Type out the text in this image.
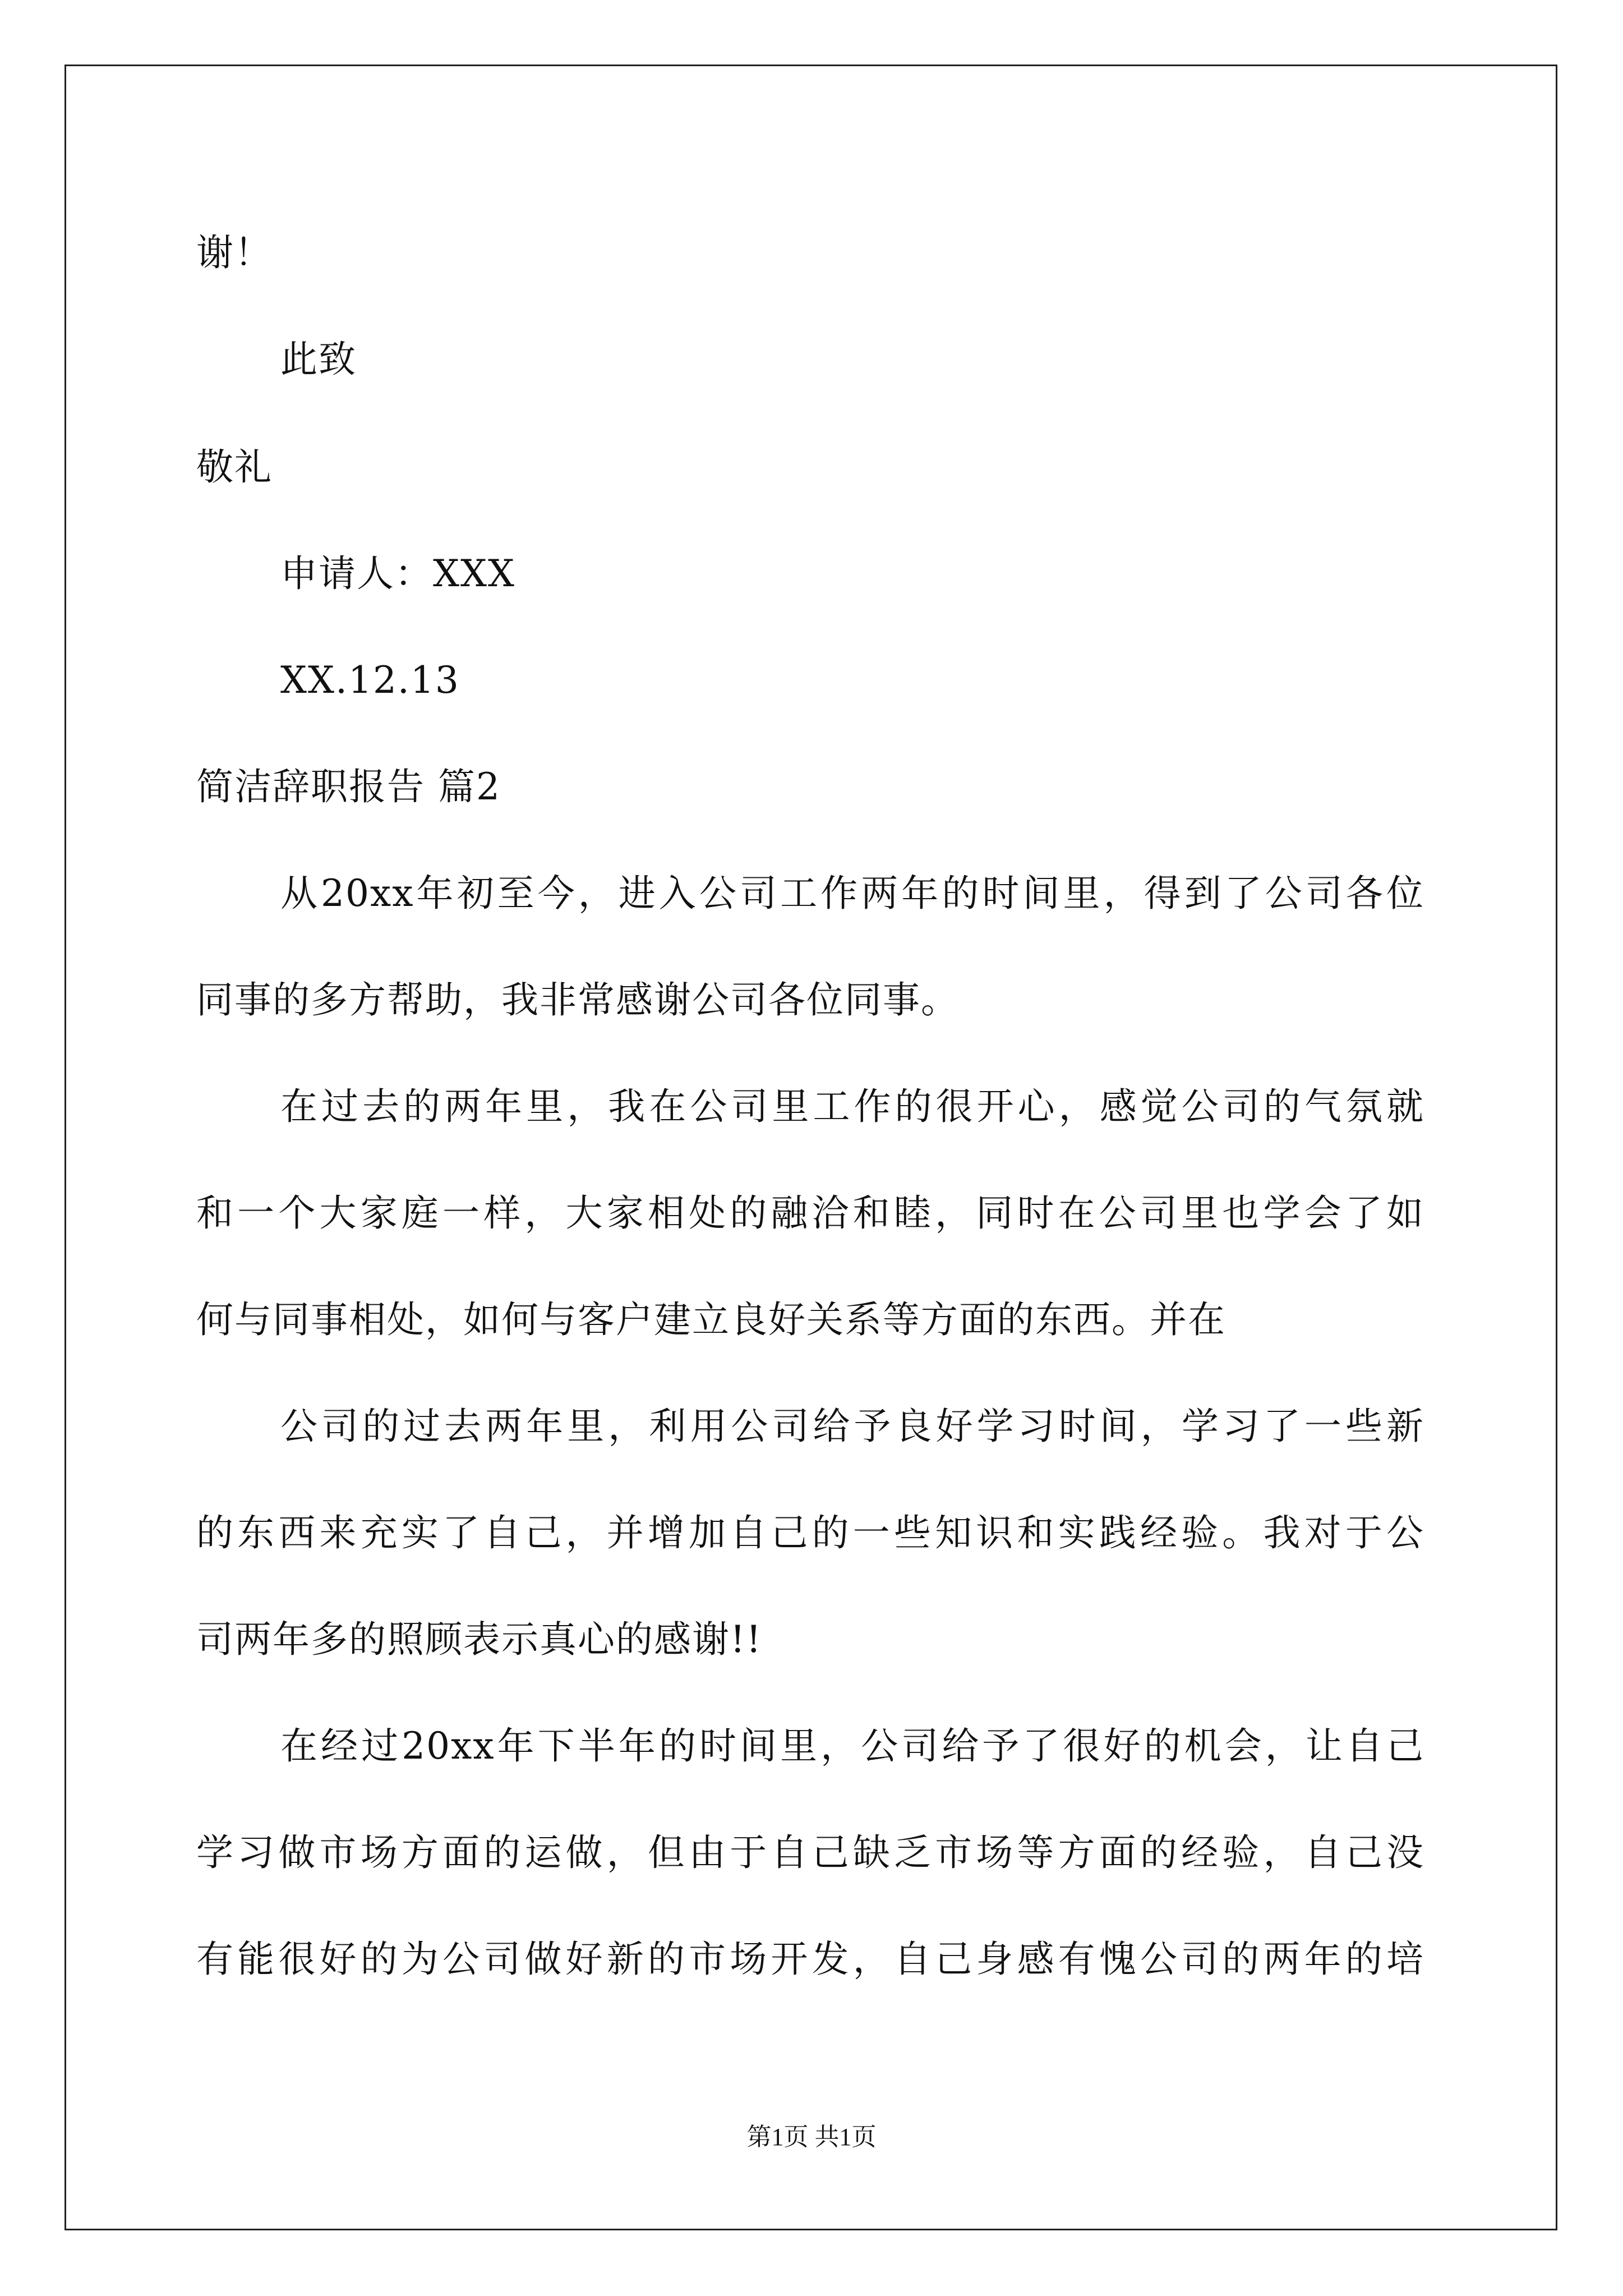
谢！
此致
敬礼
申请人：XXX
XX.12.13
简洁辞职报告 篇2
从20xx年初至今，进入公司工作两年的时间里，得到了公司各位
同事的多方帮助，我非常感谢公司各位同事。
在过去的两年里，我在公司里工作的很开心，感觉公司的气氛就
和一个大家庭一样，大家相处的融洽和睦，同时在公司里也学会了如
何与同事相处，如何与客户建立良好关系等方面的东西。并在
公司的过去两年里，利用公司给予良好学习时间，学习了一些新
的东西来充实了自己，并增加自己的一些知识和实践经验。我对于公
司两年多的照顾表示真心的感谢!!
在经过20xx年下半年的时间里，公司给予了很好的机会，让自己
学习做市场方面的运做，但由于自己缺乏市场等方面的经验，自己没
有能很好的为公司做好新的市场开发，自己身感有愧公司的两年的培
第1页 共1页
